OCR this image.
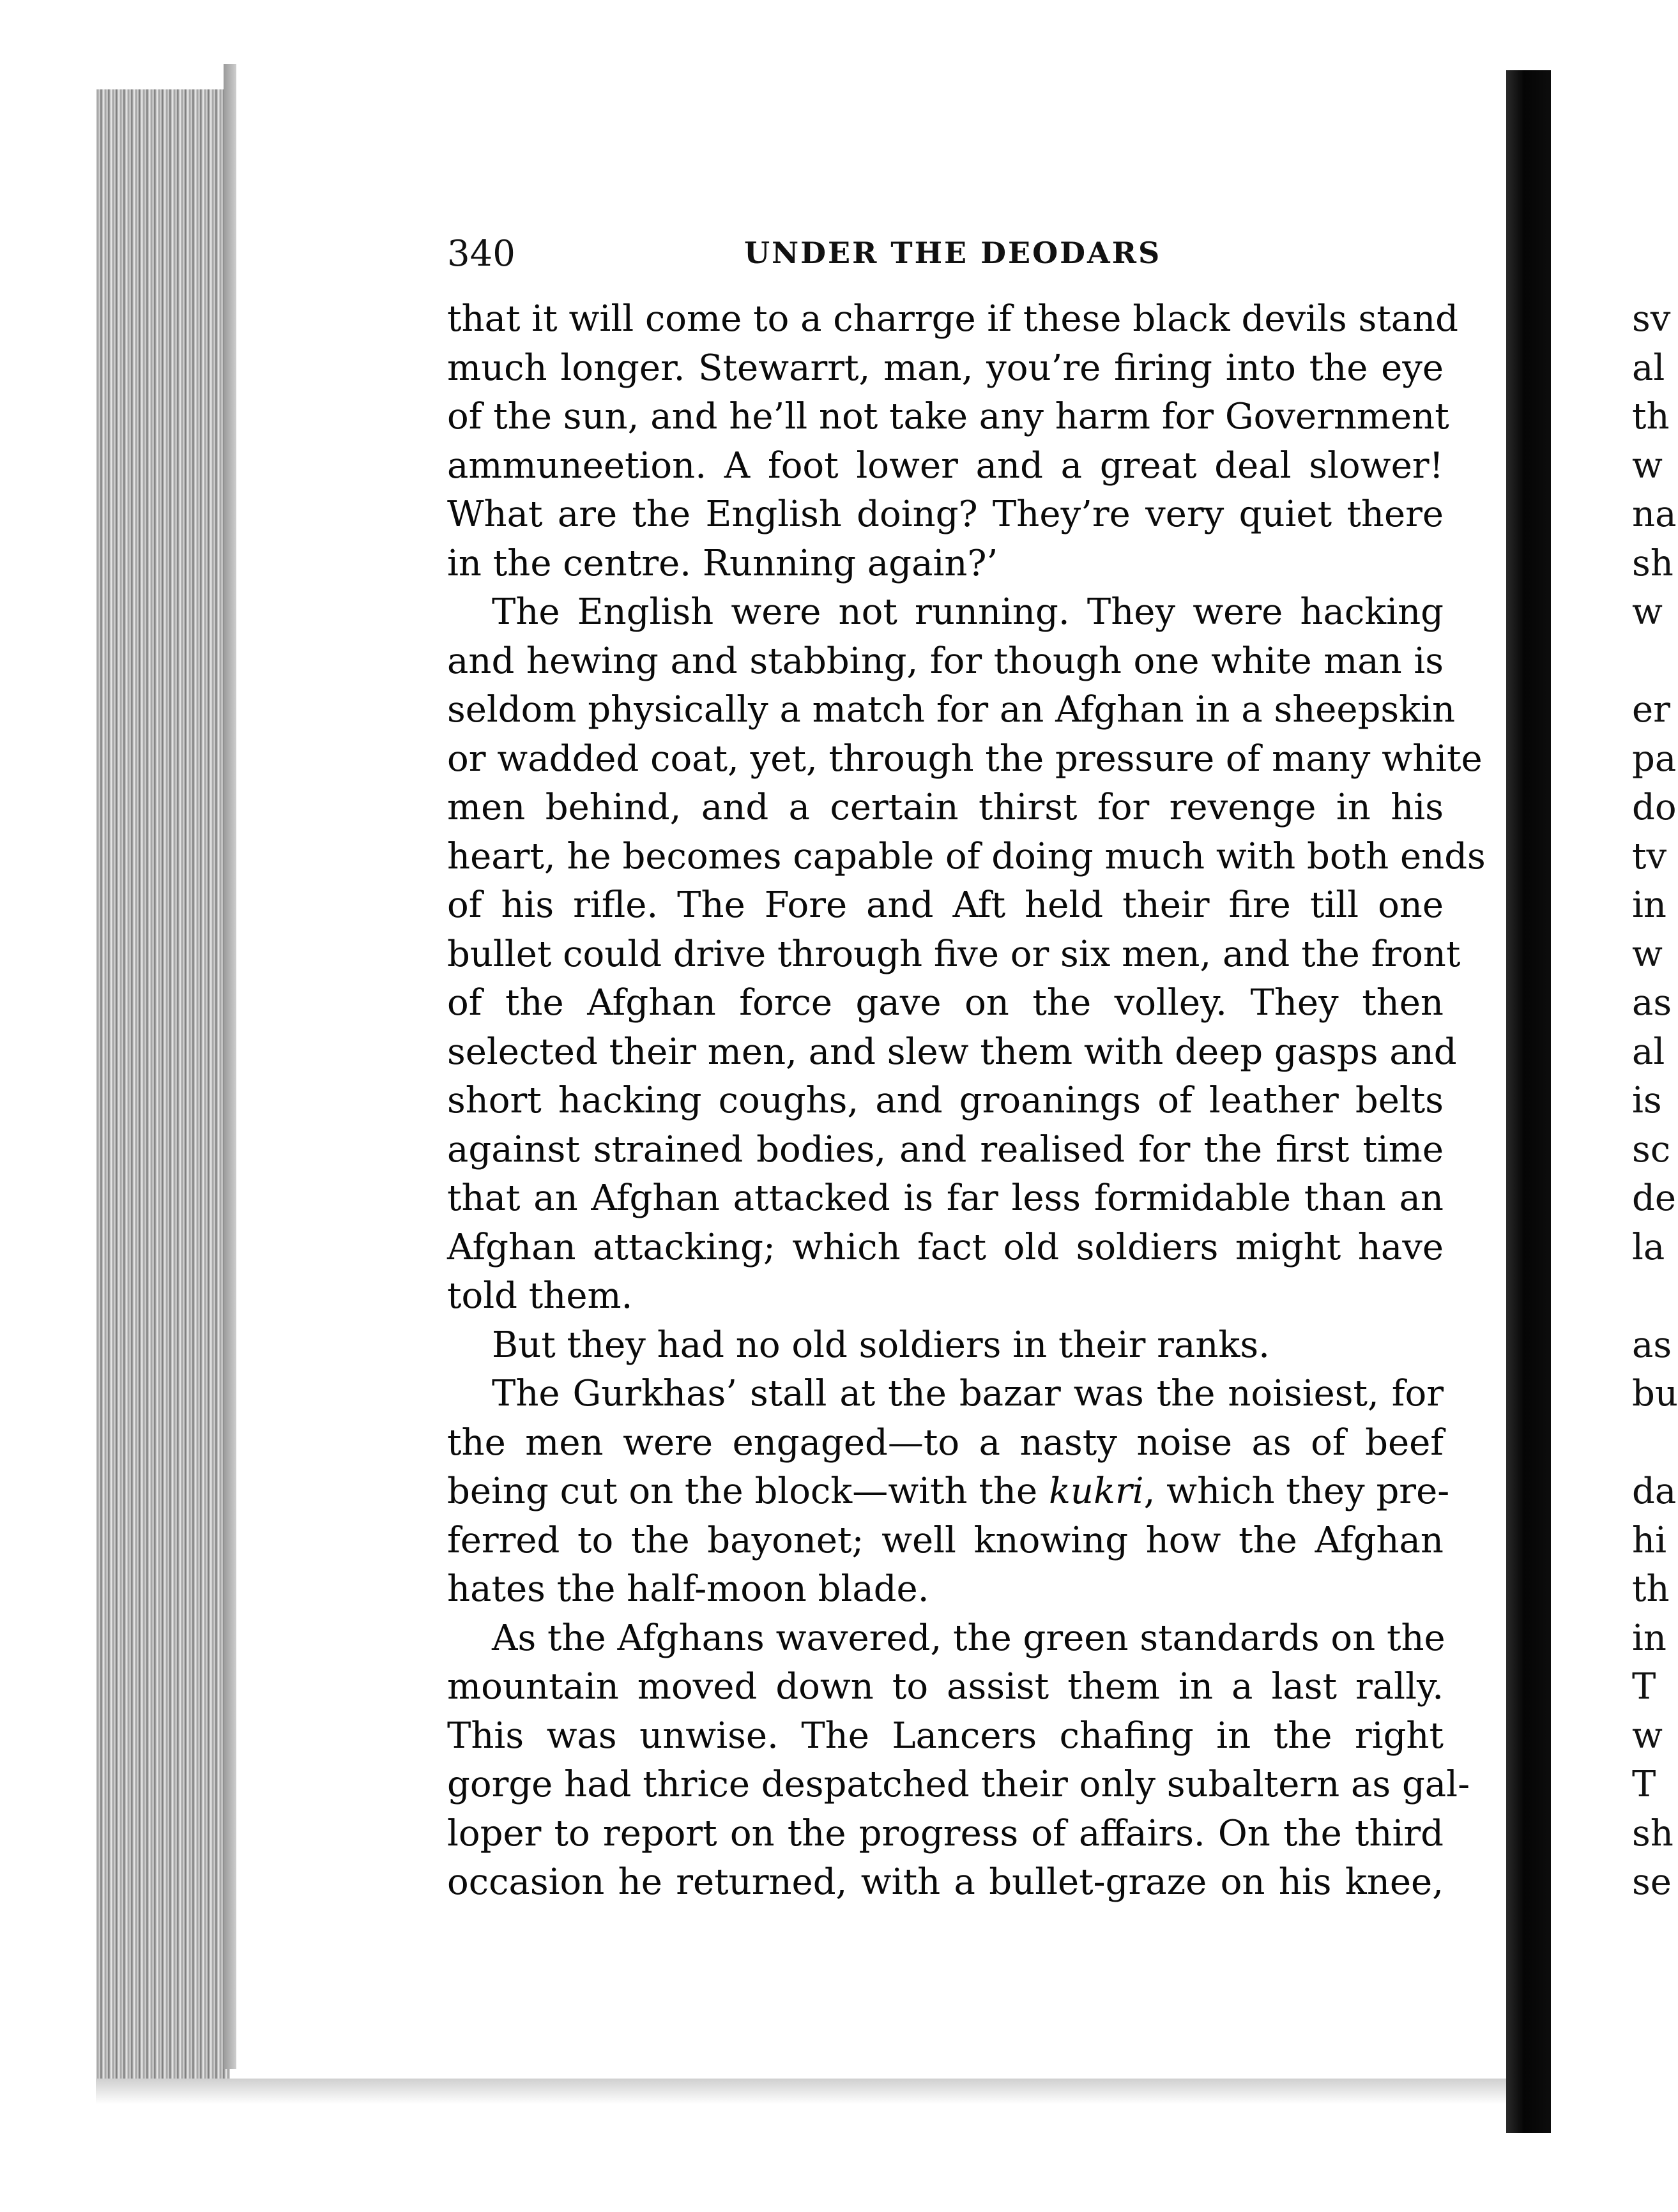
340	UNDER THE DEODARS
that it will come to a charrge if these black devils stand
much longer. Stewarrt, man, you’re firing into the eye
of the sun, and he’ll not take any harm for Government
ammuneetion. A foot lower and a great deal slower!
What are the English doing? They’re very quiet there
in the centre. Running again?’
The English were not running. They were hacking
and hewing and stabbing, for though one white man is
seldom physically a match for an Afghan in a sheepskin
or wadded coat, yet, through the pressure of many white
men behind, and a certain thirst for revenge in his
heart, he becomes capable of doing much with both ends
of his rifle. The Fore and Aft held their fire till one
bullet could drive through five or six men, and the front
of the Afghan force gave on the volley. They then
selected their men, and slew them with deep gasps and
short hacking coughs, and groanings of leather belts
against strained bodies, and realised for the first time
that an Afghan attacked is far less formidable than an
Afghan attacking; which fact old soldiers might have
told them.
But they had no old soldiers in their ranks.
The Gurkhas’ stall at the bazar was the noisiest, for
the men were engaged—to a nasty noise as of beef
being cut on the block—with the kukri, which they pre-
ferred to the bayonet; well knowing how the Afghan
hates the half-moon blade.
As the Afghans wavered, the green standards on the
mountain moved down to assist them in a last rally.
This was unwise. The Lancers chafing in the right
gorge had thrice despatched their only subaltern as gal-
loper to report on the progress of affairs. On the third
occasion he returned, with a bullet-graze on his knee,
sv
al
th
w
na
sh
w
er
pa
do
tv
in
w
as
al
is
sc
de
la
as
bu
da
hi
th
in
T
w
T
sh
se
